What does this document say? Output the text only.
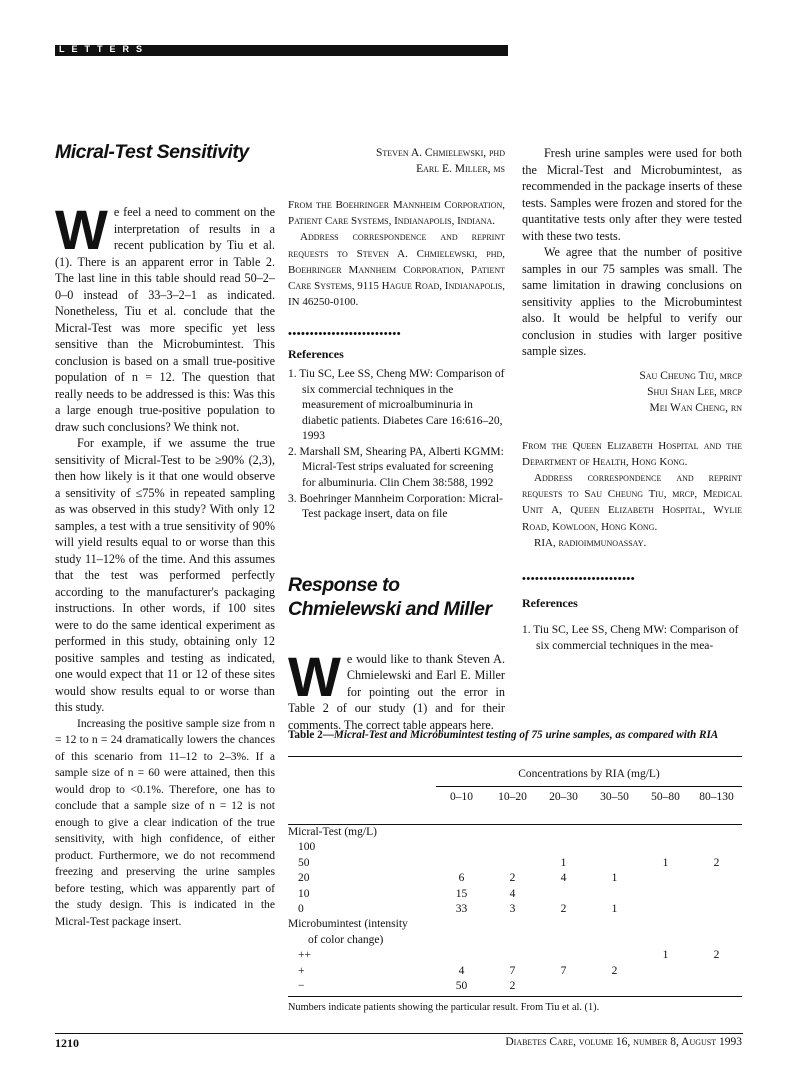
LETTERS
Micral-Test Sensitivity

We feel a need to comment on the interpretation of results in a recent publication by Tiu et al. (1). There is an apparent error in Table 2. The last line in this table should read 50–2–0–0 instead of 33–3–2–1 as indicated. Nonetheless, Tiu et al. conclude that the Micral-Test was more specific yet less sensitive than the Microbumintest. This conclusion is based on a small true-positive population of n = 12. The question that really needs to be addressed is this: Was this a large enough true-positive population to draw such conclusions? We think not.

For example, if we assume the true sensitivity of Micral-Test to be ≥90% (2,3), then how likely is it that one would observe a sensitivity of ≤75% in repeated sampling as was observed in this study? With only 12 samples, a test with a true sensitivity of 90% will yield results equal to or worse than this study 11–12% of the time. And this assumes that the test was performed perfectly according to the manufacturer's packaging instructions. In other words, if 100 sites were to do the same identical experiment as performed in this study, obtaining only 12 positive samples and testing as indicated, one would expect that 11 or 12 of these sites would show results equal to or worse than this study.

Increasing the positive sample size from n = 12 to n = 24 dramatically lowers the chances of this scenario from 11–12 to 2–3%. If a sample size of n = 60 were attained, then this would drop to <0.1%. Therefore, one has to conclude that a sample size of n = 12 is not enough to give a clear indication of the true sensitivity, with high confidence, of either product. Furthermore, we do not recommend freezing and preserving the urine samples before testing, which was apparently part of the study design. This is indicated in the Micral-Test package insert.

Steven A. Chmielewski, phd
Earl E. Miller, ms

From the Boehringer Mannheim Corporation, Patient Care Systems, Indianapolis, Indiana.

Address correspondence and reprint requests to Steven A. Chmielewski, phd, Boehringer Mannheim Corporation, Patient Care Systems, 9115 Hague Road, Indianapolis, IN 46250-0100.

••••••••••••••••••••••••••
References
1. Tiu SC, Lee SS, Cheng MW: Comparison of six commercial techniques in the measurement of microalbuminuria in diabetic patients. Diabetes Care 16:616–20, 1993
2. Marshall SM, Shearing PA, Alberti KGMM: Micral-Test strips evaluated for screening for albuminuria. Clin Chem 38:588, 1992
3. Boehringer Mannheim Corporation: Micral-Test package insert, data on file
Response to
Chmielewski and Miller

We would like to thank Steven A. Chmielewski and Earl E. Miller for pointing out the error in Table 2 of our study (1) and for their comments. The correct table appears here.

Fresh urine samples were used for both the Micral-Test and Microbumintest, as recommended in the package inserts of these tests. Samples were frozen and stored for the quantitative tests only after they were tested with these two tests.

We agree that the number of positive samples in our 75 samples was small. The same limitation in drawing conclusions on sensitivity applies to the Microbumintest also. It would be helpful to verify our conclusion in studies with larger positive sample sizes.

Sau Cheung Tiu, mrcp
Shui Shan Lee, mrcp
Mei Wan Cheng, rn

From the Queen Elizabeth Hospital and the Department of Health, Hong Kong.

Address correspondence and reprint requests to Sau Cheung Tiu, mrcp, Medical Unit A, Queen Elizabeth Hospital, Wylie Road, Kowloon, Hong Kong.

RIA, radioimmunoassay.

••••••••••••••••••••••••••
References
1. Tiu SC, Lee SS, Cheng MW: Comparison of six commercial techniques in the mea-
Table 2—Micral-Test and Microbumintest testing of 75 urine samples, as compared with RIA
Concentrations by RIA (mg/L)
	0–10	10–20	20–30	30–50	50–80	80–130

Micral-Test (mg/L)						
100						
50			1		1	2
20	6	2	4	1		
10	15	4				
0	33	3	2	1		
Microbumintest (intensity						
of color change)						
++					1	2
+	4	7	7	2		
−	50	2				
Numbers indicate patients showing the particular result. From Tiu et al. (1).
1210	Diabetes Care, volume 16, number 8, August 1993
